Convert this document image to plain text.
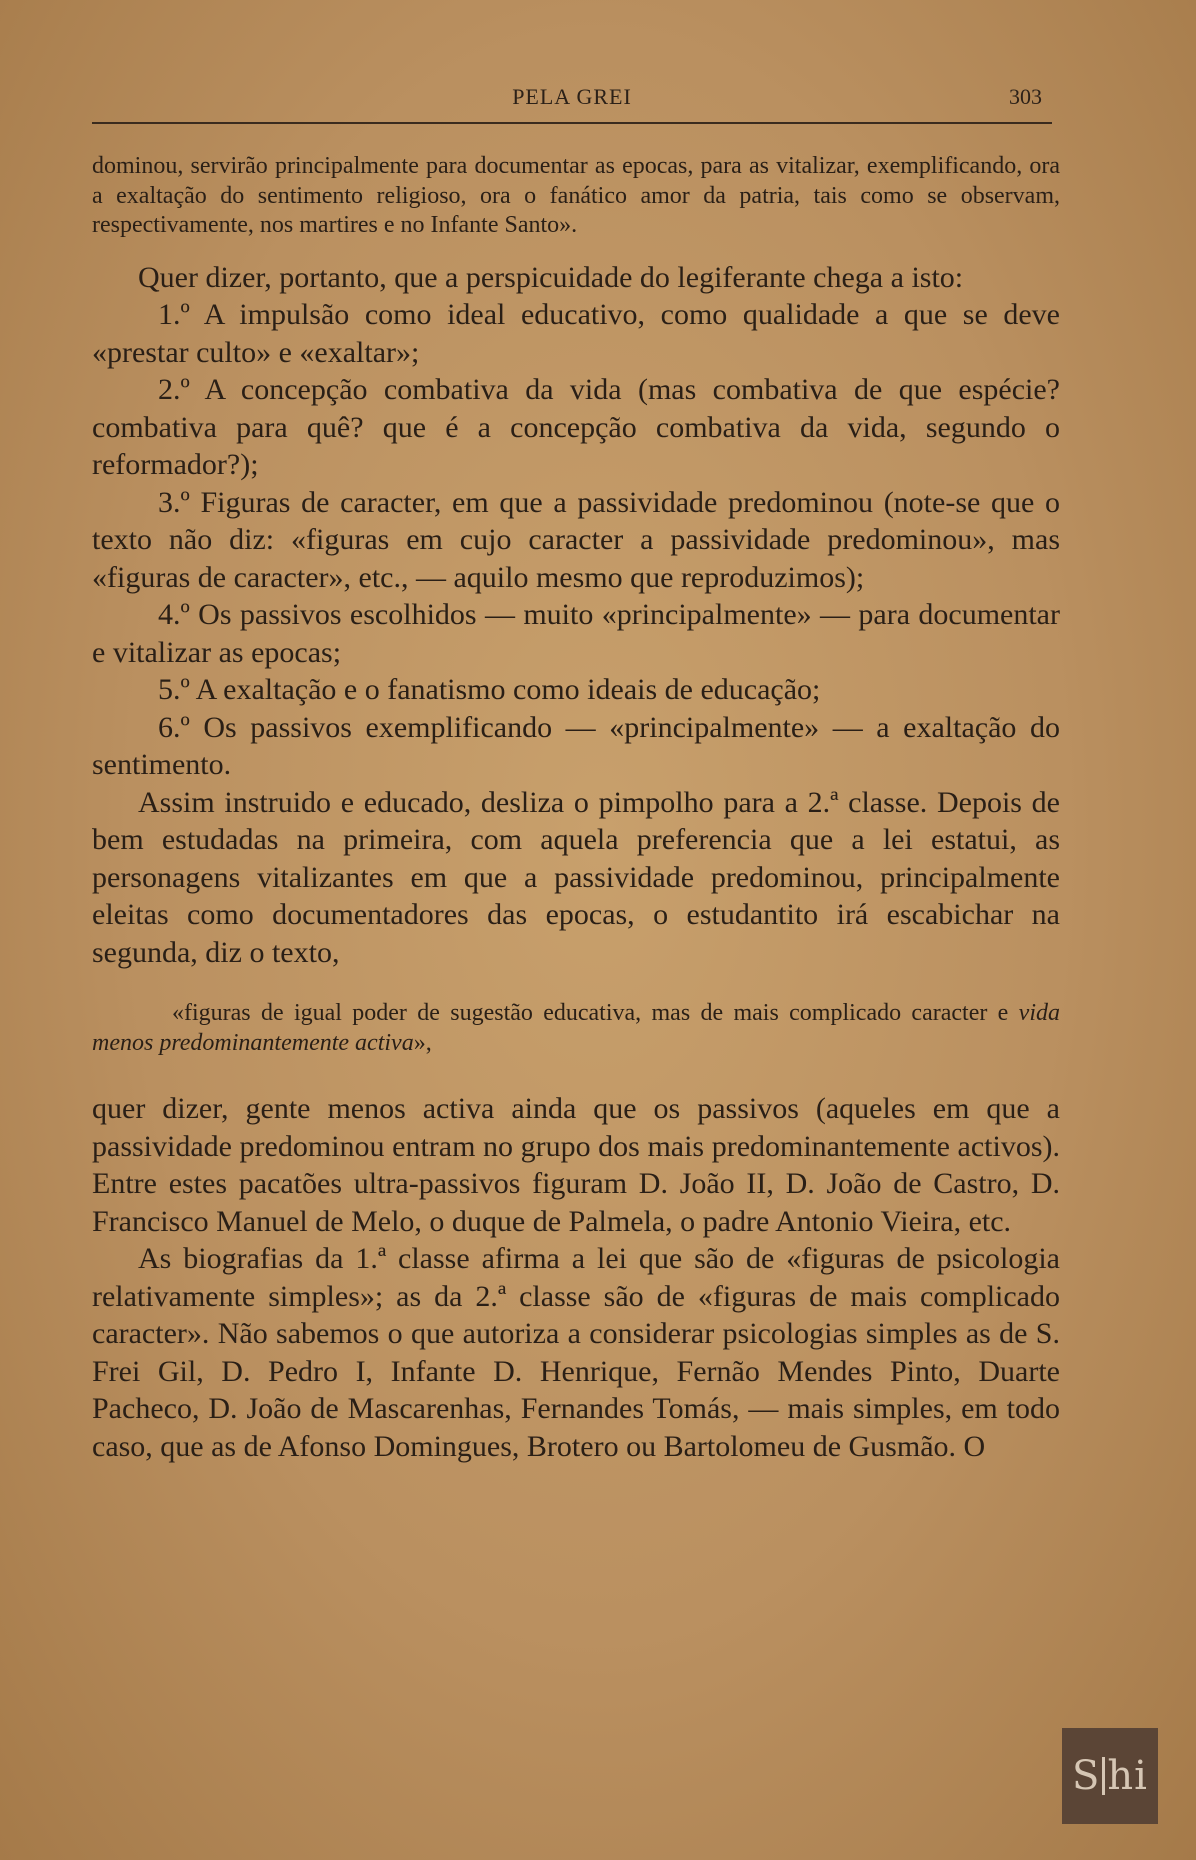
PELA GREI	303

dominou, servirão principalmente para documentar as epocas, para as vitalizar, exemplificando, ora a exaltação do sentimento religioso, ora o fanático amor da patria, tais como se observam, respectivamente, nos martires e no Infante Santo».

Quer dizer, portanto, que a perspicuidade do legiferante chega a isto:

1.º A impulsão como ideal educativo, como qualidade a que se deve «prestar culto» e «exaltar»;

2.º A concepção combativa da vida (mas combativa de que espécie? combativa para quê? que é a concepção combativa da vida, segundo o reformador?);

3.º Figuras de caracter, em que a passividade predominou (note-se que o texto não diz: «figuras em cujo caracter a passividade predominou», mas «figuras de caracter», etc., — aquilo mesmo que reproduzimos);

4.º Os passivos escolhidos — muito «principalmente» — para documentar e vitalizar as epocas;

5.º A exaltação e o fanatismo como ideais de educação;

6.º Os passivos exemplificando — «principalmente» — a exaltação do sentimento.

Assim instruido e educado, desliza o pimpolho para a 2.ª classe. Depois de bem estudadas na primeira, com aquela preferencia que a lei estatui, as personagens vitalizantes em que a passividade predominou, principalmente eleitas como documentadores das epocas, o estudantito irá escabichar na segunda, diz o texto,

«figuras de igual poder de sugestão educativa, mas de mais complicado caracter e vida menos predominantemente activa»,

quer dizer, gente menos activa ainda que os passivos (aqueles em que a passividade predominou entram no grupo dos mais predominantemente activos). Entre estes pacatões ultra-passivos figuram D. João II, D. João de Castro, D. Francisco Manuel de Melo, o duque de Palmela, o padre Antonio Vieira, etc.

As biografias da 1.ª classe afirma a lei que são de «figuras de psicologia relativamente simples»; as da 2.ª classe são de «figuras de mais complicado caracter». Não sabemos o que autoriza a considerar psicologias simples as de S. Frei Gil, D. Pedro I, Infante D. Henrique, Fernão Mendes Pinto, Duarte Pacheco, D. João de Mascarenhas, Fernandes Tomás, — mais simples, em todo caso, que as de Afonso Domingues, Brotero ou Bartolomeu de Gusmão. O

S hi
